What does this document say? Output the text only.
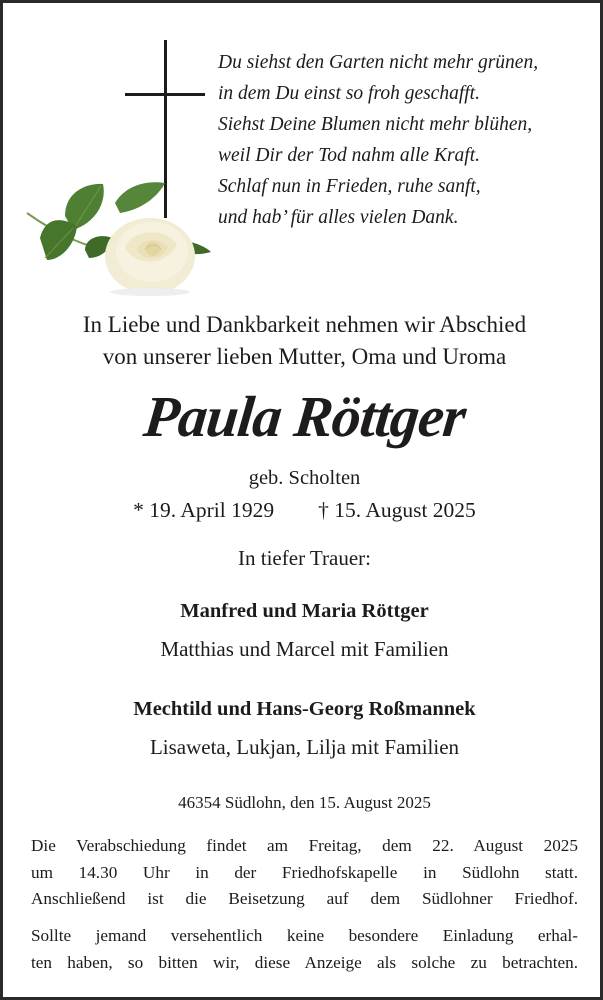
Du siehst den Garten nicht mehr grünen,
in dem Du einst so froh geschafft.
Siehst Deine Blumen nicht mehr blühen,
weil Dir der Tod nahm alle Kraft.
Schlaf nun in Frieden, ruhe sanft,
und hab’ für alles vielen Dank.
In Liebe und Dankbarkeit nehmen wir Abschied
von unserer lieben Mutter, Oma und Uroma
Paula Röttger
geb. Scholten
* 19. April 1929 † 15. August 2025
In tiefer Trauer:
Manfred und Maria Röttger
Matthias und Marcel mit Familien
Mechtild und Hans-Georg Roßmannek
Lisaweta, Lukjan, Lilja mit Familien
46354 Südlohn, den 15. August 2025
Die Verabschiedung findet am Freitag, dem 22. August 2025
um 14.30 Uhr in der Friedhofskapelle in Südlohn statt.
Anschließend ist die Beisetzung auf dem Südlohner Friedhof.
Sollte jemand versehentlich keine besondere Einladung erhal-
ten haben, so bitten wir, diese Anzeige als solche zu betrachten.
